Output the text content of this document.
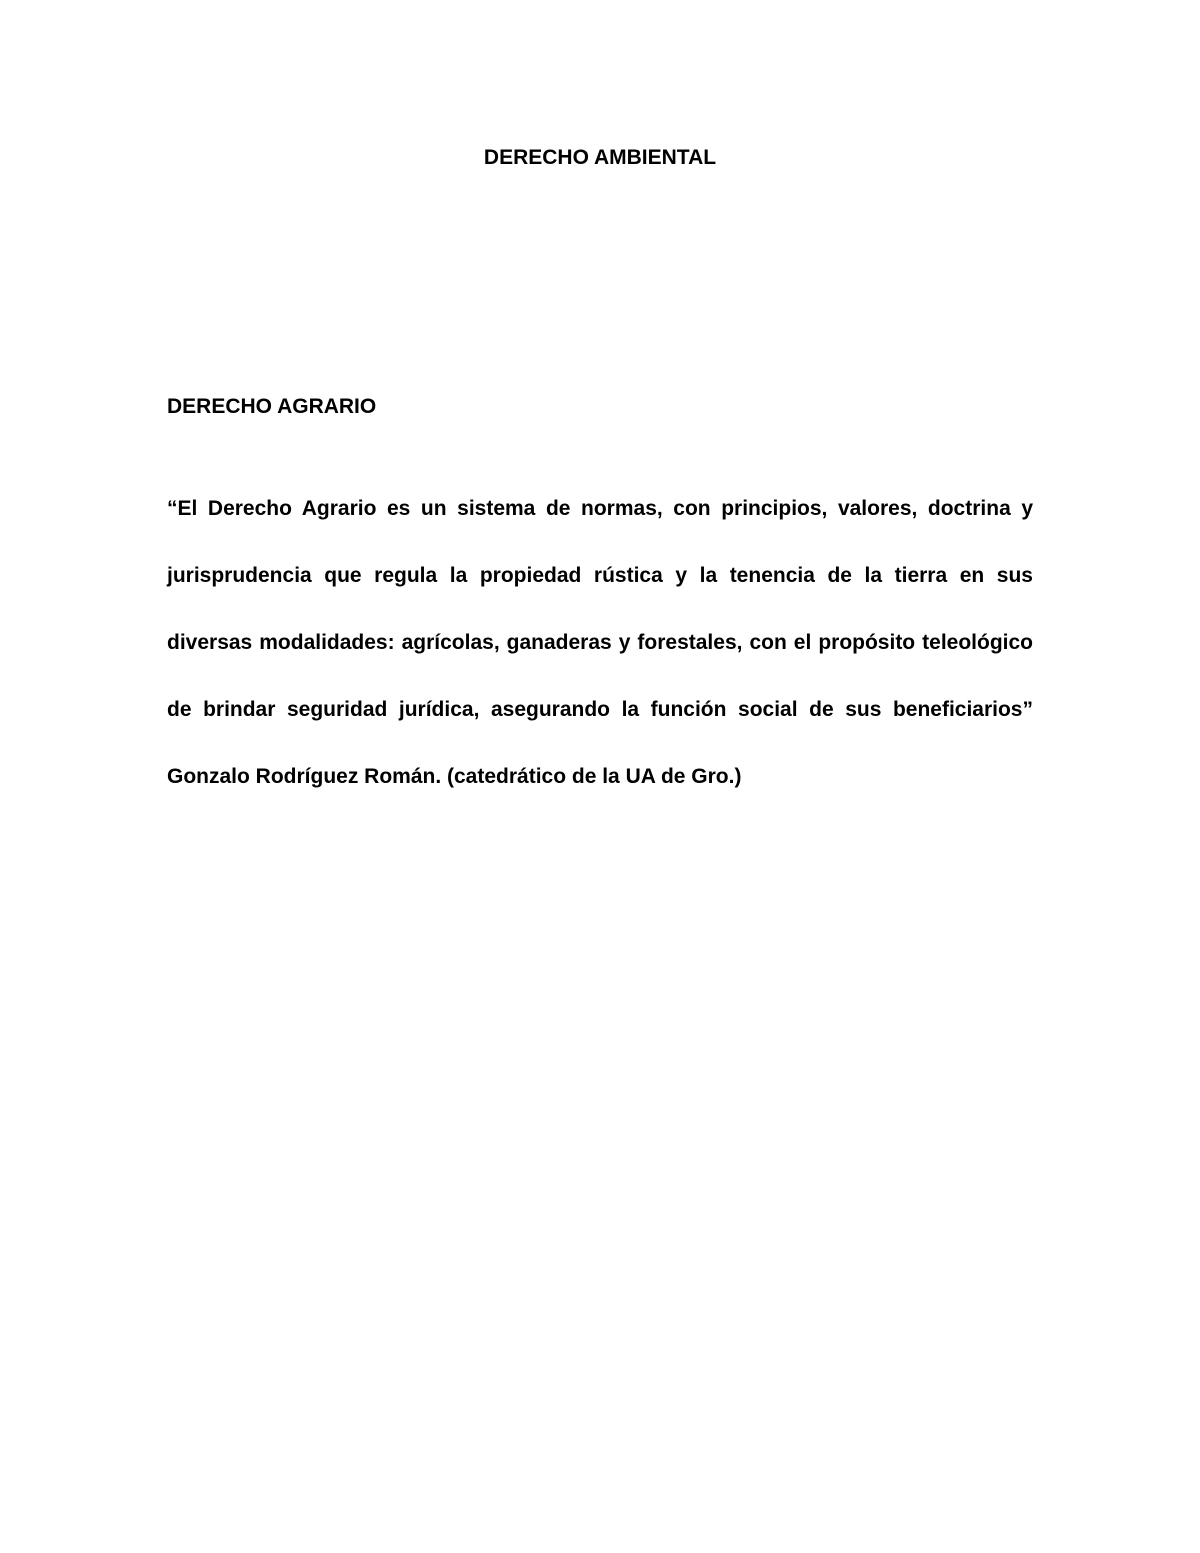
DERECHO AMBIENTAL
DERECHO AGRARIO

“El Derecho Agrario es un sistema de normas, con principios, valores, doctrina y jurisprudencia que regula la propiedad rústica y la tenencia de la tierra en sus diversas modalidades: agrícolas, ganaderas y forestales, con el propósito teleológico de brindar seguridad jurídica, asegurando la función social de sus beneficiarios” Gonzalo Rodríguez Román. (catedrático de la UA de Gro.)
